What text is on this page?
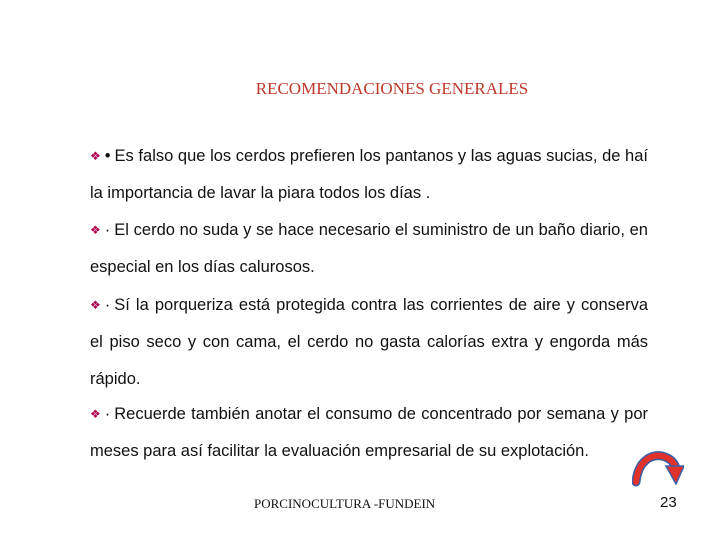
RECOMENDACIONES GENERALES
❖ • Es falso que los cerdos prefieren los pantanos y las aguas sucias, de haí la importancia de lavar la piara todos los días .
❖ · El cerdo no suda y se hace necesario el suministro de un baño diario, en especial en los días calurosos.
❖ · Sí la porqueriza está protegida contra las corrientes de aire y conserva el piso seco y con cama, el cerdo no gasta calorías extra y engorda más rápido.
❖ · Recuerde también anotar el consumo de concentrado por semana y por meses para así facilitar la evaluación empresarial de su explotación.
PORCINOCULTURA -FUNDEIN	23
